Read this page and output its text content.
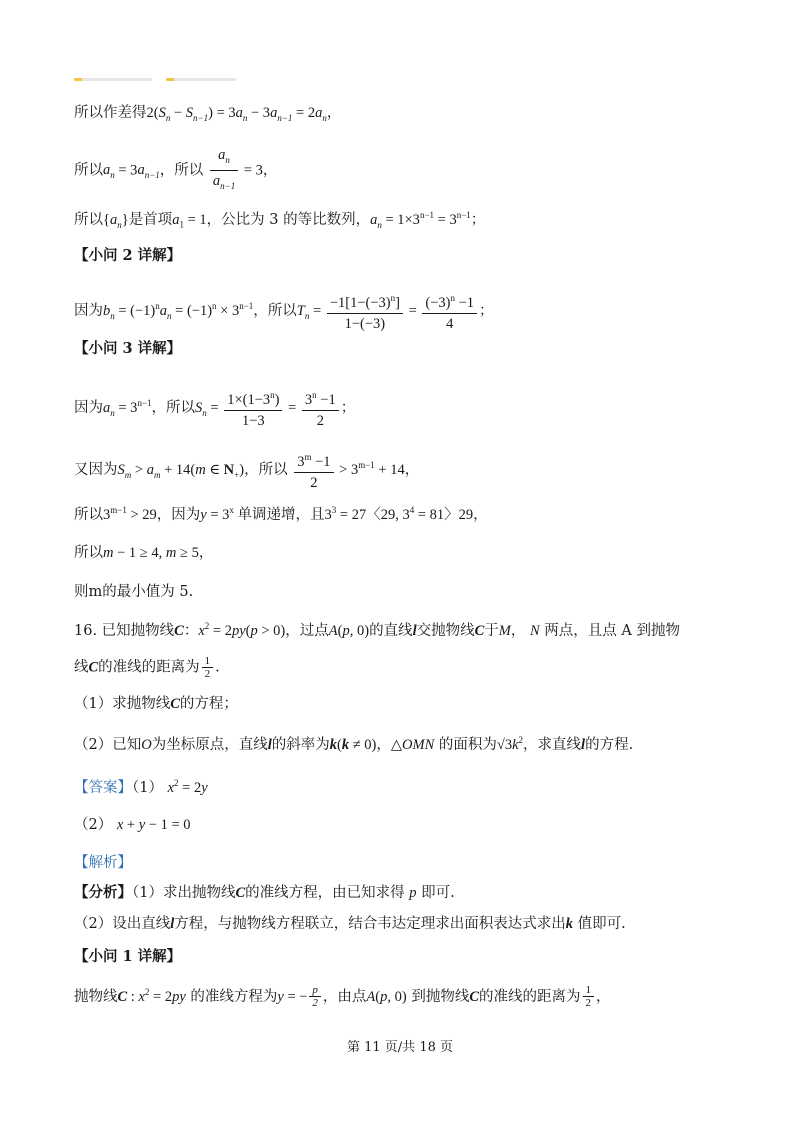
所以作差得$2(S_n - S_{n-1}) = 3a_n - 3a_{n-1} = 2a_n$，
所以$a_n = 3a_{n-1}$，所以 $\frac{a_n}{a_{n-1}} = 3$，
所以$\{a_n\}$是首项$a_1 = 1$，公比为 3 的等比数列，$a_n = 1\times 3^{n-1} = 3^{n-1}$；
【小问 2 详解】
因为$b_n = (-1)^na_n = (-1)^n \times 3^{n-1}$，所以$T_n = \frac{-1[1-(-3)^n]}{1-(-3)} = \frac{(-3)^n -1}{4}$ ；
【小问 3 详解】
因为$a_n = 3^{n-1}$，所以$S_n = \frac{1\times(1-3^n)}{1-3} = \frac{3^n -1}{2}$ ；
又因为$S_m > a_m + 14(m$ ∈ $N_+$)，所以 $\frac{3^m -1}{2} > 3^{m-1} + 14$，
所以$3^{m-1} > 29$，因为$y = 3^x$ 单调递增，且$3^3 = 27$〈29, $3^4 = 81$〉29，
所以m − 1 ≥ 4, m ≥ 5，
则m的最小值为 5.
16. 已知抛物线C：$x^2 = 2py(p > 0)$，过点A(p, 0)的直线l交抛物线C于M， N 两点，且点 A 到抛物
线C的准线的距离为 $\frac{1}{2}$ .
（1）求抛物线C的方程；
（2）已知O为坐标原点，直线l的斜率为k(k ≠ 0)，△OMN 的面积为$√3k^2$，求直线l的方程.
【答案】（1） $x^2 = 2y$
（2） x + y − 1 = 0
【解析】
【分析】（1）求出抛物线C的准线方程，由已知求得 p 即可.
（2）设出直线l方程，与抛物线方程联立，结合韦达定理求出面积表达式求出k 值即可.
【小问 1 详解】
抛物线C : $x^2 = 2py$ 的准线方程为y = − $\frac{p}{2}$ ，由点A(p, 0) 到抛物线C的准线的距离为 $\frac{1}{2}$ ，
第 11 页/共 18 页
